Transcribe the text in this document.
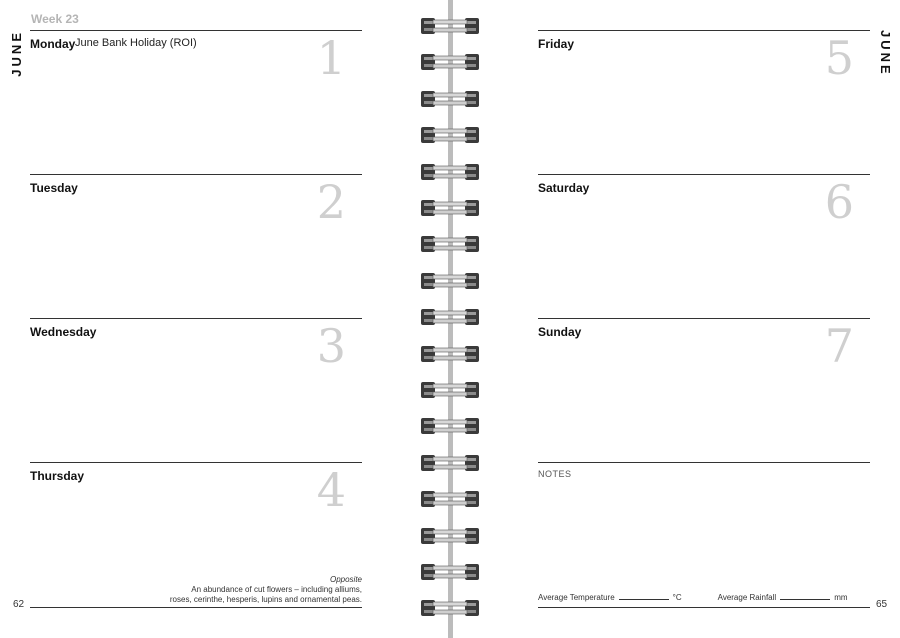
Week 23
JUNE Monday June Bank Holiday (ROI)	1
Tuesday	2
Wednesday	3
Thursday	4
Opposite
An abundance of cut flowers – including alliums,
roses, cerinthe, hesperis, lupins and ornamental peas.
62
JUNE
Friday	5
Saturday	6
Sunday	7
NOTES
Average Temperature	°C	Average Rainfall	mm
65
